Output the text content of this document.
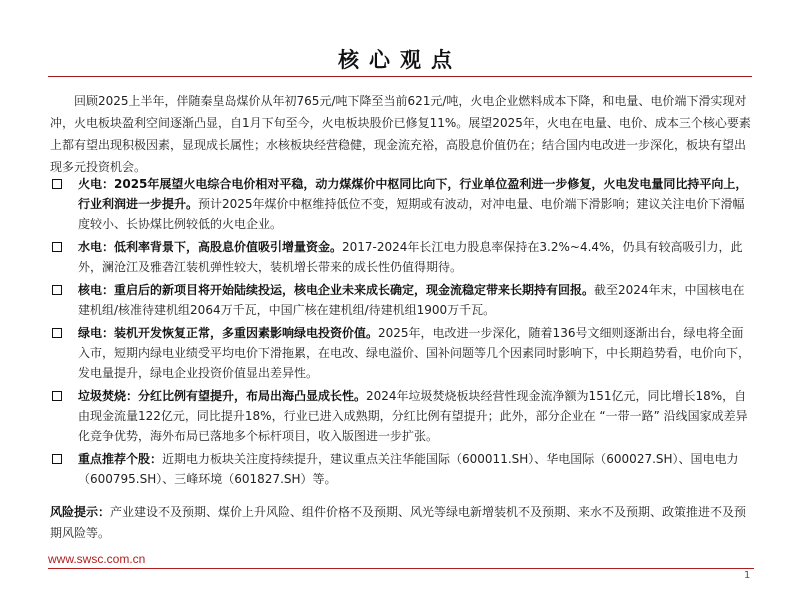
核心观点

回顾2025上半年，伴随秦皇岛煤价从年初765元/吨下降至当前621元/吨，火电企业燃料成本下降，和电量、电价端下滑实现对冲，火电板块盈利空间逐渐凸显，自1月下旬至今，火电板块股价已修复11%。展望2025年，火电在电量、电价、成本三个核心要素上都有望出现积极因素，显现成长属性；水核板块经营稳健，现金流充裕，高股息价值仍在；结合国内电改进一步深化，板块有望出现多元投资机会。

火电：2025年展望火电综合电价相对平稳，动力煤煤价中枢同比向下，行业单位盈利进一步修复，火电发电量同比持平向上，行业利润进一步提升。预计2025年煤价中枢维持低位不变，短期或有波动，对冲电量、电价端下滑影响；建议关注电价下滑幅度较小、长协煤比例较低的火电企业。
水电：低利率背景下，高股息价值吸引增量资金。2017-2024年长江电力股息率保持在3.2%~4.4%，仍具有较高吸引力，此外，澜沧江及雅砻江装机弹性较大，装机增长带来的成长性仍值得期待。
核电：重启后的新项目将开始陆续投运，核电企业未来成长确定，现金流稳定带来长期持有回报。截至2024年末，中国核电在建机组/核准待建机组2064万千瓦，中国广核在建机组/待建机组1900万千瓦。
绿电：装机开发恢复正常，多重因素影响绿电投资价值。2025年，电改进一步深化，随着136号文细则逐渐出台，绿电将全面入市，短期内绿电业绩受平均电价下滑拖累，在电改、绿电溢价、国补问题等几个因素同时影响下，中长期趋势看，电价向下，发电量提升，绿电企业投资价值显出差异性。
垃圾焚烧：分红比例有望提升，布局出海凸显成长性。2024年垃圾焚烧板块经营性现金流净额为151亿元，同比增长18%，自由现金流量122亿元，同比提升18%，行业已进入成熟期，分红比例有望提升；此外，部分企业在 “一带一路” 沿线国家成差异化竞争优势，海外布局已落地多个标杆项目，收入版图进一步扩张。
重点推荐个股：近期电力板块关注度持续提升，建议重点关注华能国际（600011.SH）、华电国际（600027.SH）、国电电力（600795.SH）、三峰环境（601827.SH）等。
风险提示：产业建设不及预期、煤价上升风险、组件价格不及预期、风光等绿电新增装机不及预期、来水不及预期、政策推进不及预期风险等。
www.swsc.com.cn
1
